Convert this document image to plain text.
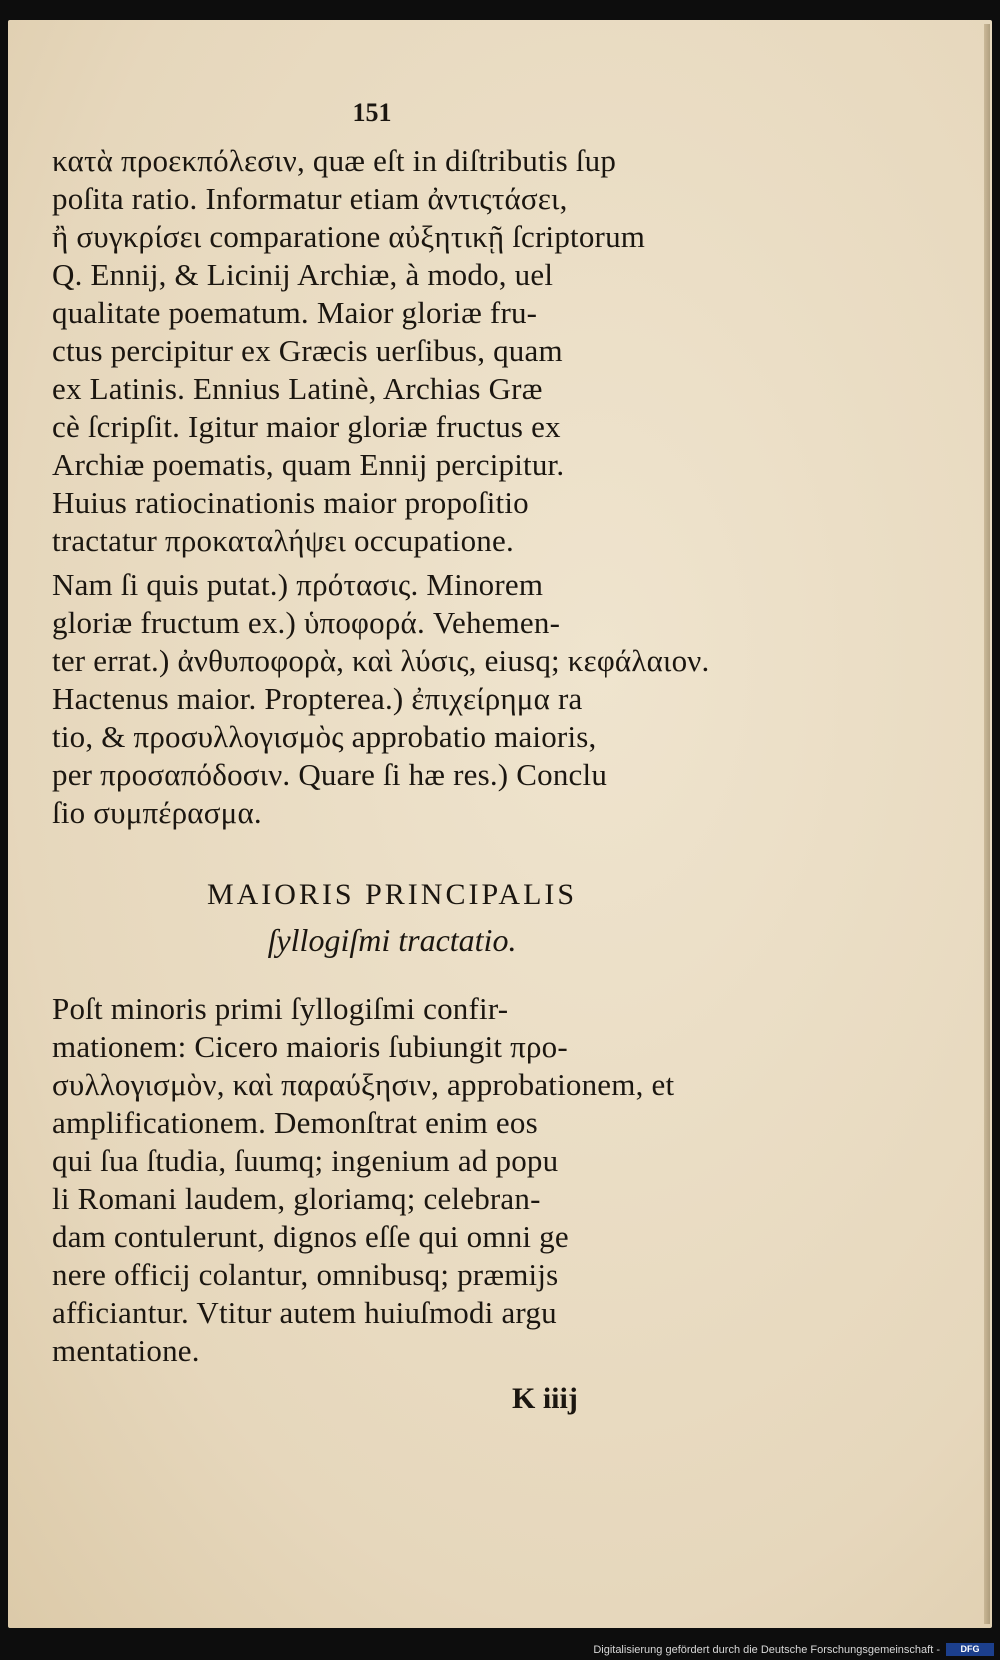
151
κατὰ προεκπόλεσιν, quæ eſt in diſtributis ſup
poſita ratio. Informatur etiam ἀντιςτάσει,
ἢ συγκρίσει comparatione αὐξητικῇ ſcriptorum
Q. Ennij, & Licinij Archiæ, à modo, uel
qualitate poematum. Maior gloriæ fru-
ctus percipitur ex Græcis uerſibus, quam
ex Latinis. Ennius Latinè, Archias Græ
cè ſcripſit. Igitur maior gloriæ fructus ex
Archiæ poematis, quam Ennij percipitur.
Huius ratiocinationis maior propoſitio
tractatur προκαταλήψει occupatione.
Nam ſi quis putat.) πρότασις. Minorem
gloriæ fructum ex.) ὑποφορά. Vehemen-
ter errat.) ἀνθυποφορὰ, καὶ λύσις, eiusq; κεφάλαιον.
Hactenus maior. Propterea.) ἐπιχείρημα ra
tio, & προσυλλογισμὸς approbatio maioris,
per προσαπόδοσιν. Quare ſi hæ res.) Conclu
ſio συμπέρασμα.
MAIORIS PRINCIPALIS
ſyllogiſmi tractatio.
Poſt minoris primi ſyllogiſmi confir-
mationem: Cicero maioris ſubiungit προ-
συλλογισμὸν, καὶ παραύξησιν, approbationem, et
amplificationem. Demonſtrat enim eos
qui ſua ſtudia, ſuumq; ingenium ad popu
li Romani laudem, gloriamq; celebran-
dam contulerunt, dignos eſſe qui omni ge
nere officij colantur, omnibusq; præmijs
afficiantur. Vtitur autem huiuſmodi argu
mentatione.
K iiij
Digitalisierung gefördert durch die Deutsche Forschungsgemeinschaft -	DFG
